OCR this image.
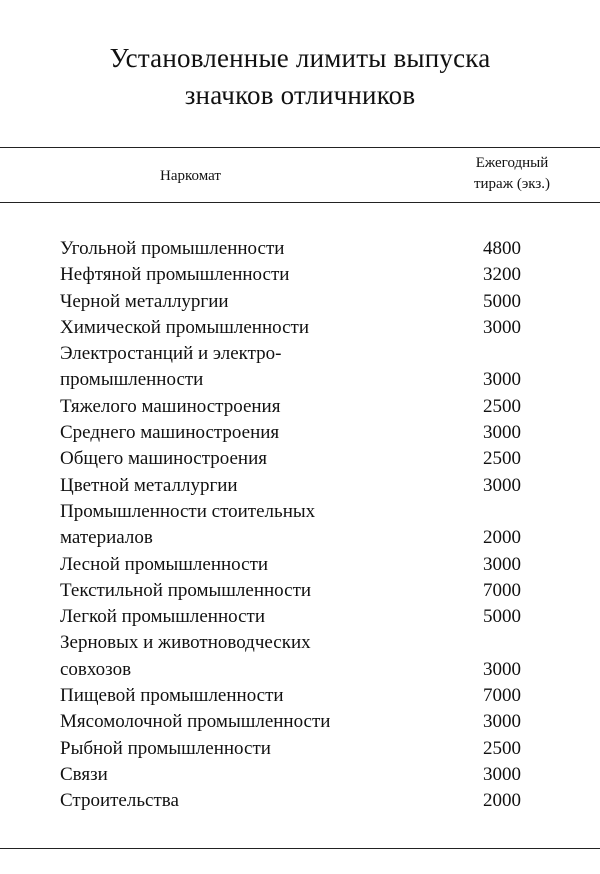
Установленные лимиты выпуска
значков отличников
Наркомат
Ежегодный
тираж (экз.)
Угольной промышленности	4800
Нефтяной промышленности	3200
Черной металлургии	5000
Химической промышленности	3000
Электростанций и электро-
промышленности	3000
Тяжелого машиностроения	2500
Среднего машиностроения	3000
Общего машиностроения	2500
Цветной металлургии	3000
Промышленности стоительных
материалов	2000
Лесной промышленности	3000
Текстильной промышленности	7000
Легкой промышленности	5000
Зерновых и животноводческих
совхозов	3000
Пищевой промышленности	7000
Мясомолочной промышленности	3000
Рыбной промышленности	2500
Связи	3000
Строительства	2000
